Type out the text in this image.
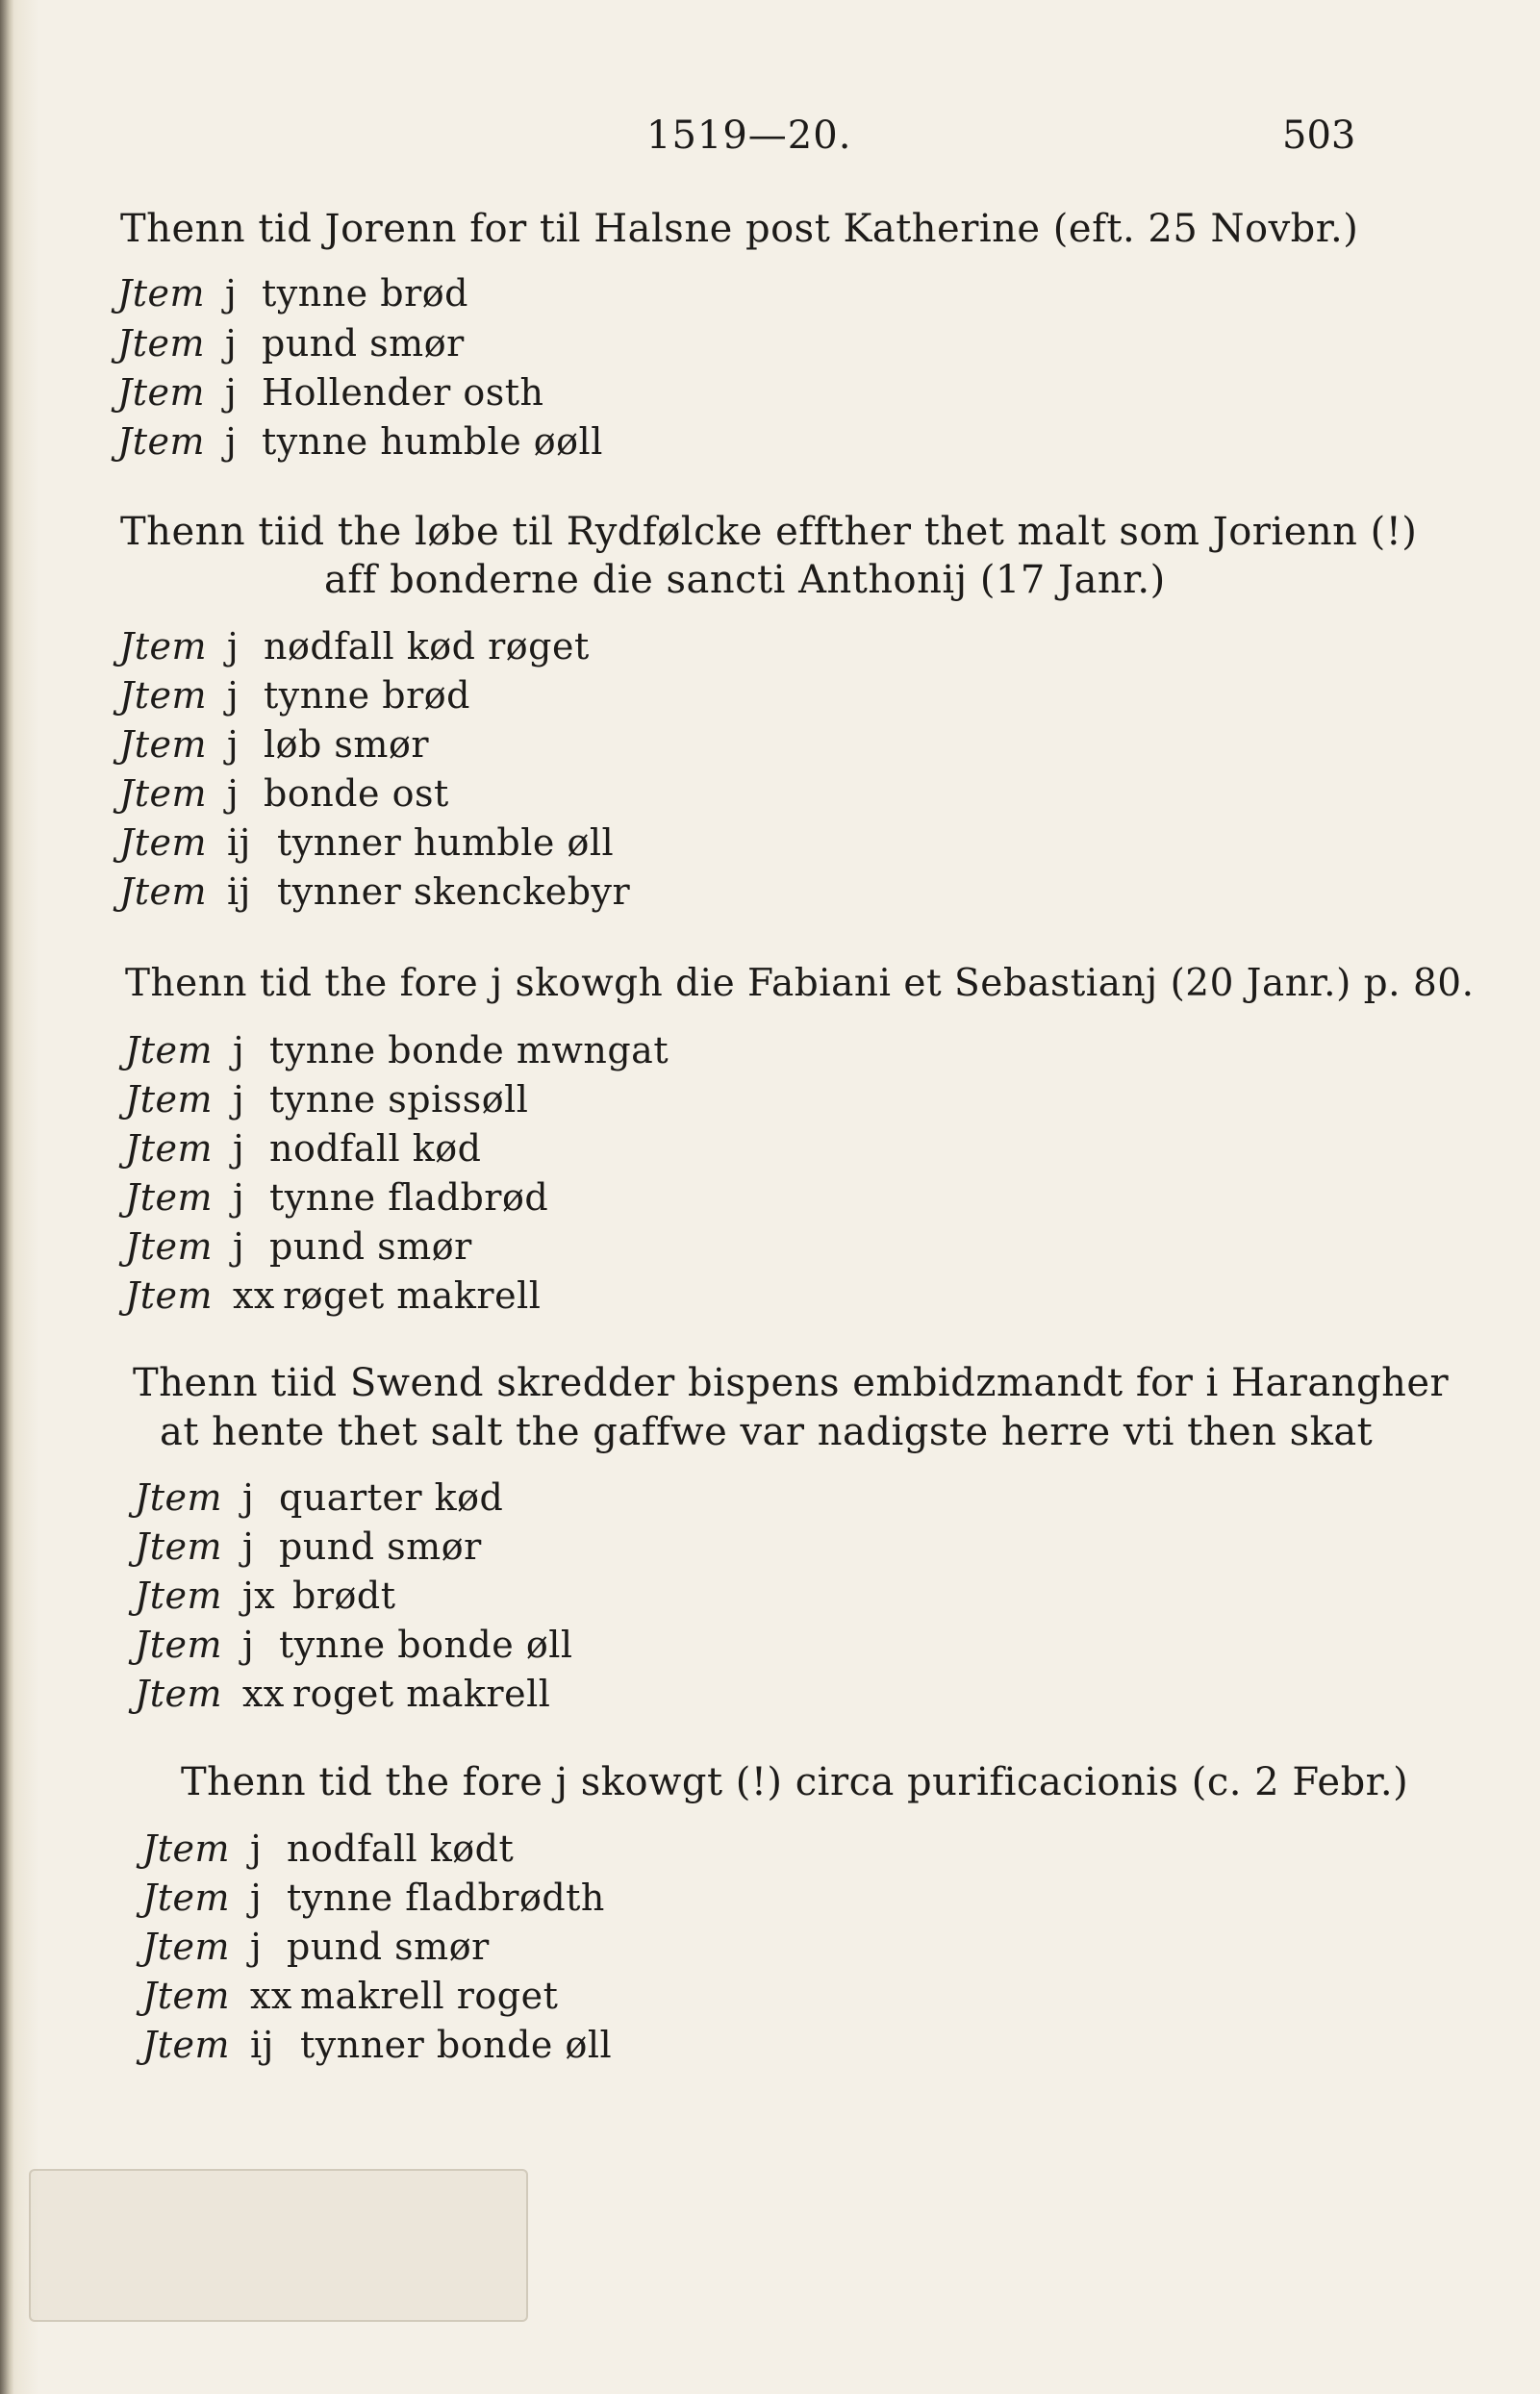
1519—20.	503
Thenn tid Jorenn for til Halsne post Katherine (eft. 25 Novbr.)
Jtem j tynne brød
Jtem j pund smør
Jtem j Hollender osth
Jtem j tynne humble øøll
Thenn tiid the løbe til Rydfølcke effther thet malt som Jorienn (!)
aff bonderne die sancti Anthonij (17 Janr.)
Jtem j nødfall kød røget
Jtem j tynne brød
Jtem j løb smør
Jtem j bonde ost
Jtem ij tynner humble øll
Jtem ij tynner skenckebyr
Thenn tid the fore j skowgh die Fabiani et Sebastianj (20 Janr.) p. 80.
Jtem j tynne bonde mwngat
Jtem j tynne spissøll
Jtem j nodfall kød
Jtem j tynne fladbrød
Jtem j pund smør
Jtem xx røget makrell
Thenn tiid Swend skredder bispens embidzmandt for i Harangher
at hente thet salt the gaffwe var nadigste herre vti then skat
Jtem j quarter kød
Jtem j pund smør
Jtem jx brødt
Jtem j tynne bonde øll
Jtem xx roget makrell
Thenn tid the fore j skowgt (!) circa purificacionis (c. 2 Febr.)
Jtem j nodfall kødt
Jtem j tynne fladbrødth
Jtem j pund smør
Jtem xx makrell roget
Jtem ij tynner bonde øll
